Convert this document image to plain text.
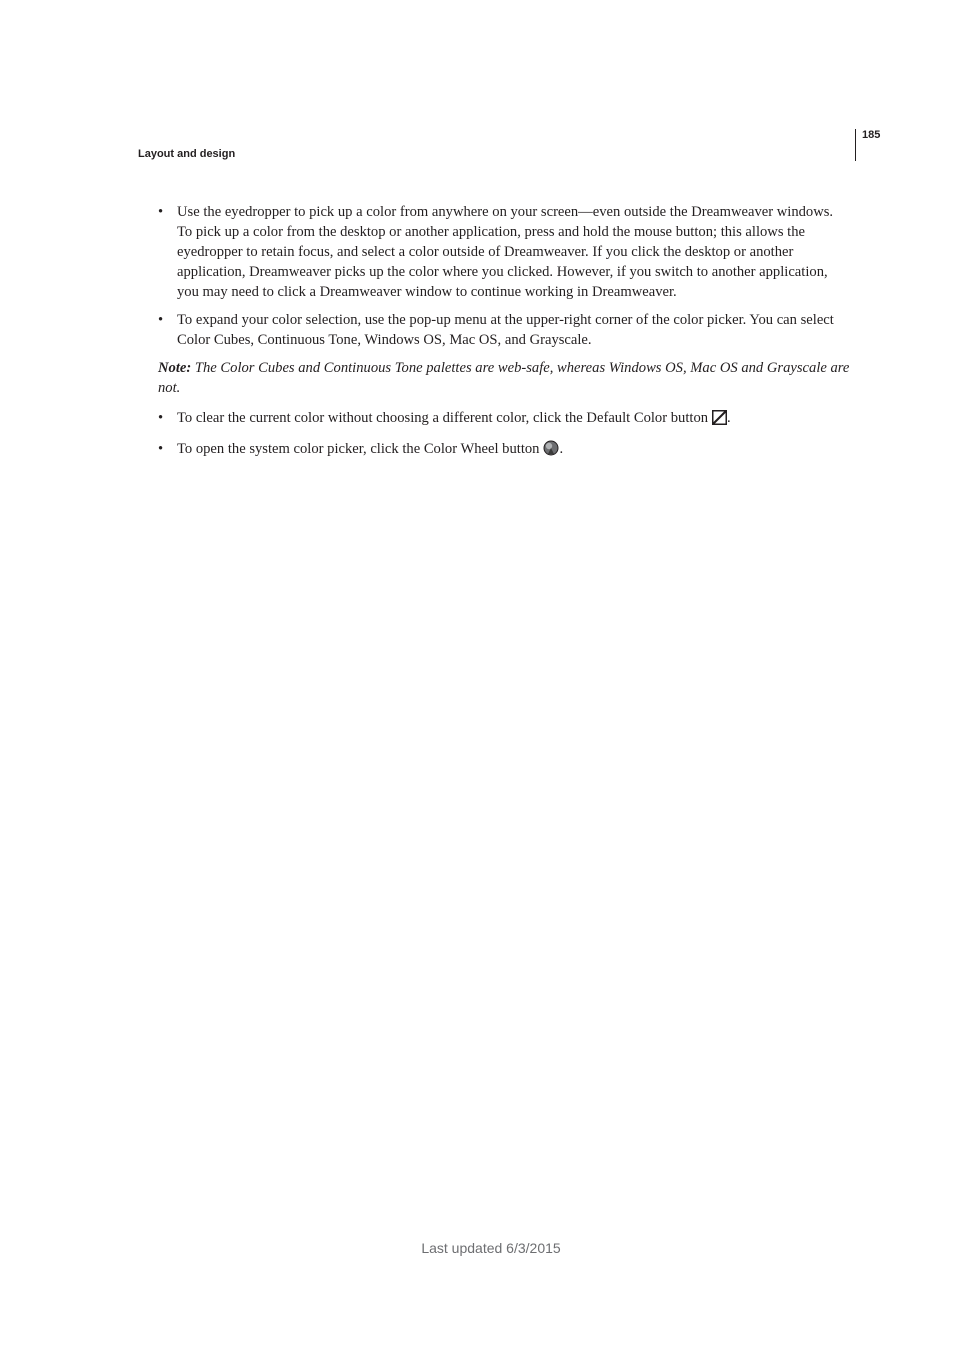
185
Layout and design
• Use the eyedropper to pick up a color from anywhere on your screen—even outside the Dreamweaver windows. To pick up a color from the desktop or another application, press and hold the mouse button; this allows the eyedropper to retain focus, and select a color outside of Dreamweaver. If you click the desktop or another application, Dreamweaver picks up the color where you clicked. However, if you switch to another application, you may need to click a Dreamweaver window to continue working in Dreamweaver.
• To expand your color selection, use the pop-up menu at the upper-right corner of the color picker. You can select Color Cubes, Continuous Tone, Windows OS, Mac OS, and Grayscale.

Note: The Color Cubes and Continuous Tone palettes are web-safe, whereas Windows OS, Mac OS and Grayscale are not.

• To clear the current color without choosing a different color, click the Default Color button .
• To open the system color picker, click the Color Wheel button .
Last updated 6/3/2015
